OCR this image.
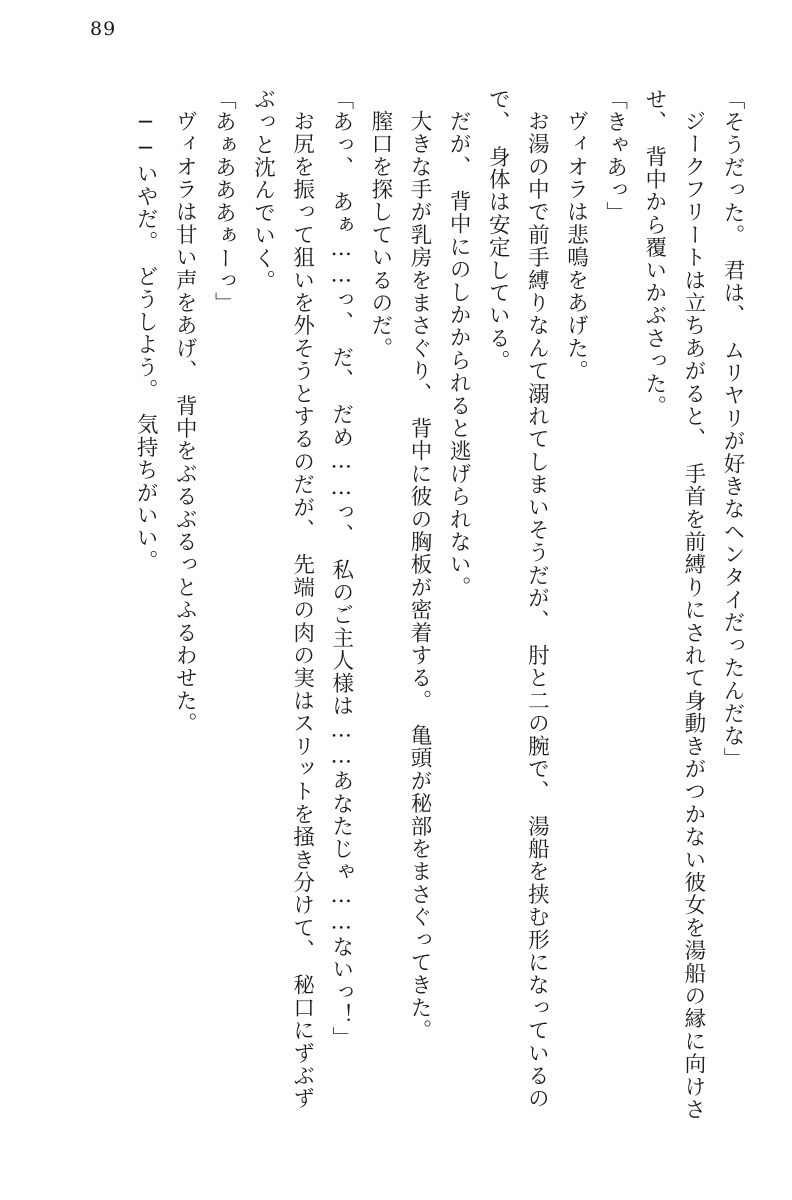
89

「そうだった。　君は、　ムリヤリが好きなヘンタイだったんだな」

ジークフリートは立ちあがると、　手首を前縛りにされて身動きがつかない彼女を湯船の縁に向けさせ、　背中から覆いかぶさった。

「きゃあっ」

ヴィオラは悲鳴をあげた。

お湯の中で前手縛りなんて溺れてしまいそうだが、　肘と二の腕で、　湯船を挟む形になっているので、　身体は安定している。

だが、　背中にのしかかられると逃げられない。

大きな手が乳房をまさぐり、　背中に彼の胸板が密着する。　亀頭が秘部をまさぐってきた。

膣口を探しているのだ。

「あっ、　あぁ……っ、　だ、　だめ……っ、　私のご主人様は……あなたじゃ……ないっ！」

お尻を振って狙いを外そうとするのだが、　先端の肉の実はスリットを掻き分けて、　秘口にずぶずぶっと沈んでいく。

「あぁあああぁーっ」

ヴィオラは甘い声をあげ、　背中をぶるぶるっとふるわせた。

──いやだ。　どうしよう。　気持ちがいい。
